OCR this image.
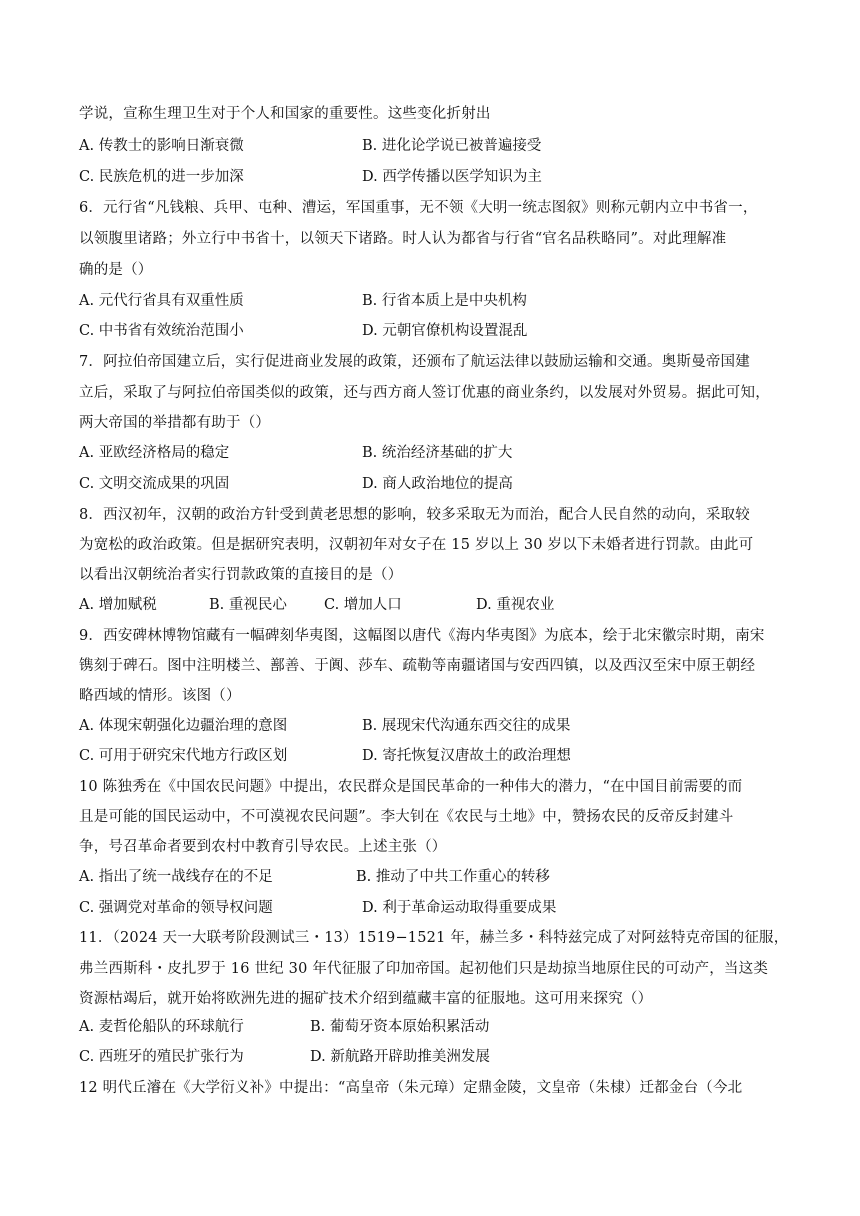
学说，宣称生理卫生对于个人和国家的重要性。这些变化折射出
A. 传教士的影响日渐衰微	B. 进化论学说已被普遍接受
C. 民族危机的进一步加深	D. 西学传播以医学知识为主
6．元行省“凡钱粮、兵甲、屯种、漕运，军国重事，无不领《大明一统志图叙》则称元朝内立中书省一，
以领腹里诸路；外立行中书省十，以领天下诸路。时人认为都省与行省“官名品秩略同”。对此理解准
确的是（）
A. 元代行省具有双重性质	B. 行省本质上是中央机构
C. 中书省有效统治范围小	D. 元朝官僚机构设置混乱
7．阿拉伯帝国建立后，实行促进商业发展的政策，还颁布了航运法律以鼓励运输和交通。奥斯曼帝国建
立后，采取了与阿拉伯帝国类似的政策，还与西方商人签订优惠的商业条约，以发展对外贸易。据此可知，
两大帝国的举措都有助于（）
A. 亚欧经济格局的稳定	B. 统治经济基础的扩大
C. 文明交流成果的巩固	D. 商人政治地位的提高
8．西汉初年，汉朝的政治方针受到黄老思想的影响，较多采取无为而治，配合人民自然的动向，采取较
为宽松的政治政策。但是据研究表明，汉朝初年对女子在 15 岁以上 30 岁以下未婚者进行罚款。由此可
以看出汉朝统治者实行罚款政策的直接目的是（）
A. 增加赋税	B. 重视民心	C. 增加人口	D. 重视农业
9．西安碑林博物馆藏有一幅碑刻华夷图，这幅图以唐代《海内华夷图》为底本，绘于北宋徽宗时期，南宋
镌刻于碑石。图中注明楼兰、鄯善、于阗、莎车、疏勒等南疆诸国与安西四镇，以及西汉至宋中原王朝经
略西域的情形。该图（）
A. 体现宋朝强化边疆治理的意图	B. 展现宋代沟通东西交往的成果
C. 可用于研究宋代地方行政区划	D. 寄托恢复汉唐故土的政治理想
10 陈独秀在《中国农民问题》中提出，农民群众是国民革命的一种伟大的潜力，“在中国目前需要的而
且是可能的国民运动中，不可漠视农民问题”。李大钊在《农民与土地》中，赞扬农民的反帝反封建斗
争，号召革命者要到农村中教育引导农民。上述主张（）
A. 指出了统一战线存在的不足	B. 推动了中共工作重心的转移
C. 强调党对革命的领导权问题	D. 利于革命运动取得重要成果
11．（2024 天一大联考阶段测试三・13）1519−1521 年，赫兰多・科特兹完成了对阿兹特克帝国的征服，
弗兰西斯科・皮扎罗于 16 世纪 30 年代征服了印加帝国。起初他们只是劫掠当地原住民的可动产，当这类
资源枯竭后，就开始将欧洲先进的掘矿技术介绍到蕴藏丰富的征服地。这可用来探究（）
A. 麦哲伦船队的环球航行	B. 葡萄牙资本原始积累活动
C. 西班牙的殖民扩张行为	D. 新航路开辟助推美洲发展
12 明代丘濬在《大学衍义补》中提出：“高皇帝（朱元璋）定鼎金陵，文皇帝（朱棣）迁都金台（今北
